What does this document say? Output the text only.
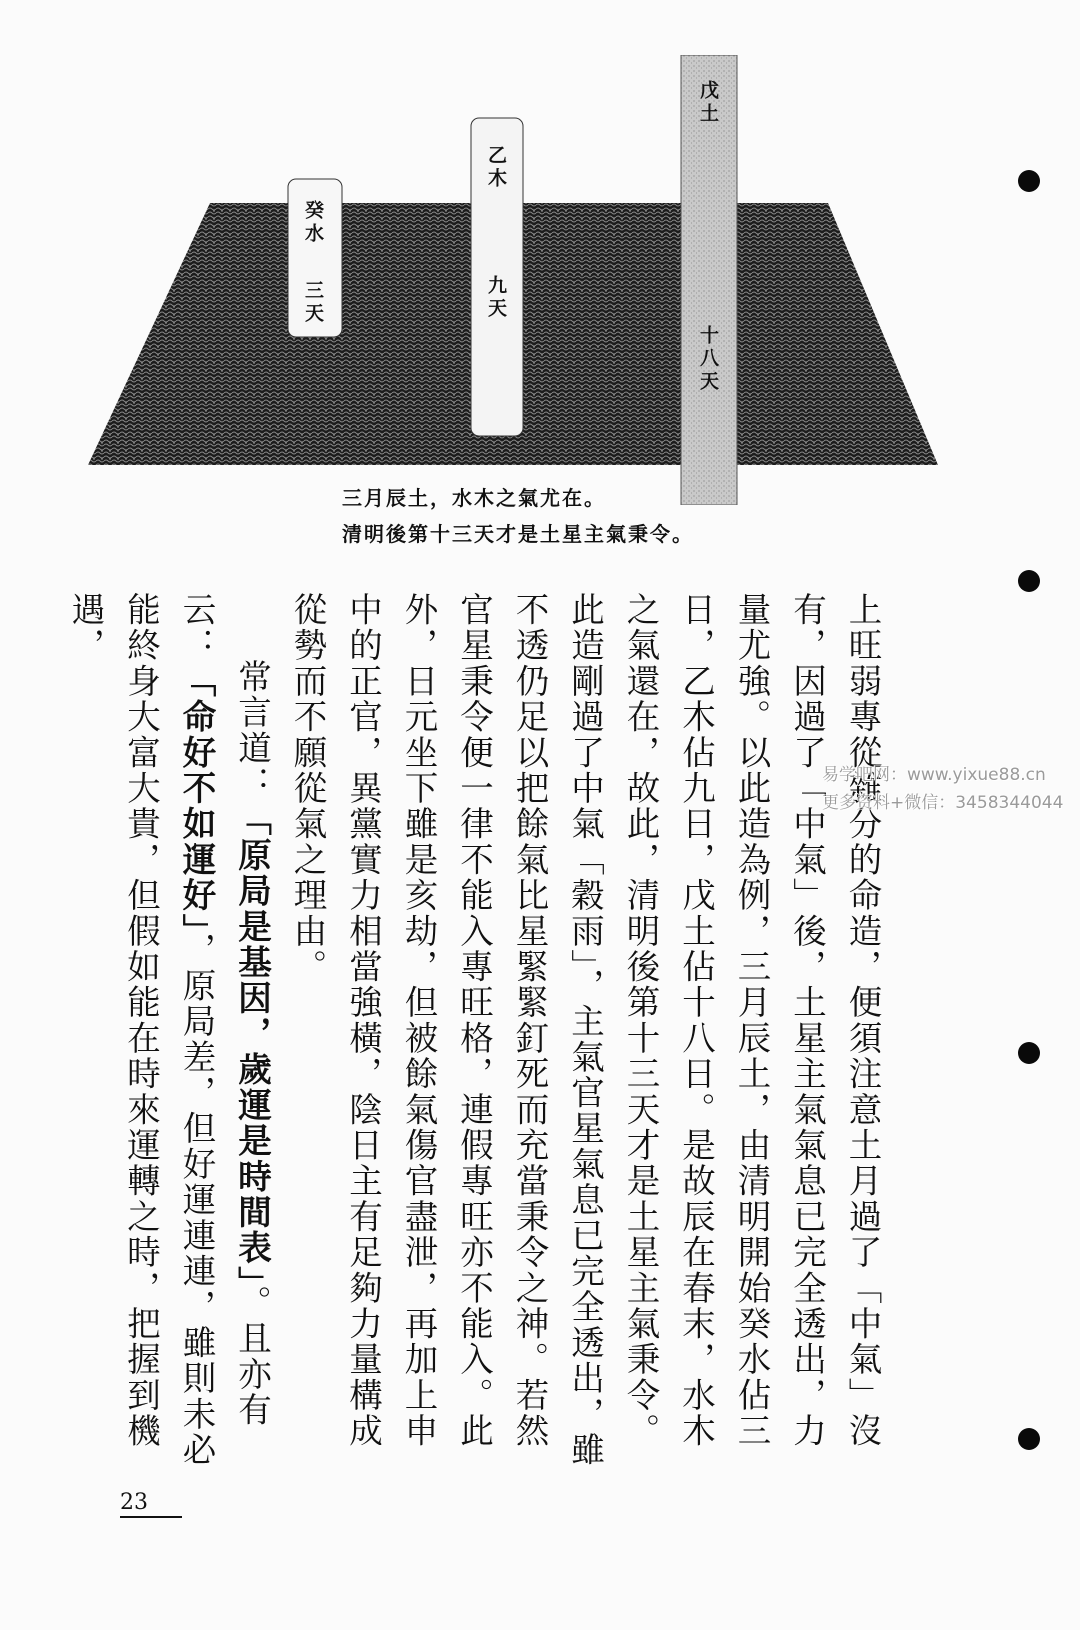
癸水
三天
乙木
九天
戊土
十八天
三月辰土，水木之氣尤在。
清明後第十三天才是土星主氣秉令。

上旺弱專從雜分的命造，便須注意土月過了「中氣」沒有，因過了「中氣」後，土星主氣氣息已完全透出，力量尤強。以此造為例，三月辰土，由清明開始癸水佔三日，乙木佔九日，戊土佔十八日。是故辰在春末，水木之氣還在，故此，清明後第十三天才是土星主氣秉令。此造剛過了中氣「穀雨」，主氣官星氣息已完全透出，雖不透仍足以把餘氣比星緊緊釘死而充當秉令之神。若然官星秉令便一律不能入專旺格，連假專旺亦不能入。此外，日元坐下雖是亥劫，但被餘氣傷官盡泄，再加上申中的正官，異黨實力相當強橫，陰日主有足夠力量構成從勢而不願從氣之理由。

常言道：「原局是基因，歲運是時間表」。且亦有云：「命好不如運好」，原局差，但好運連連，雖則未必能終身大富大貴，但假如能在時來運轉之時，把握到機遇，

易学吧网：www.yixue88.cn
更多资料+微信：3458344044
23
